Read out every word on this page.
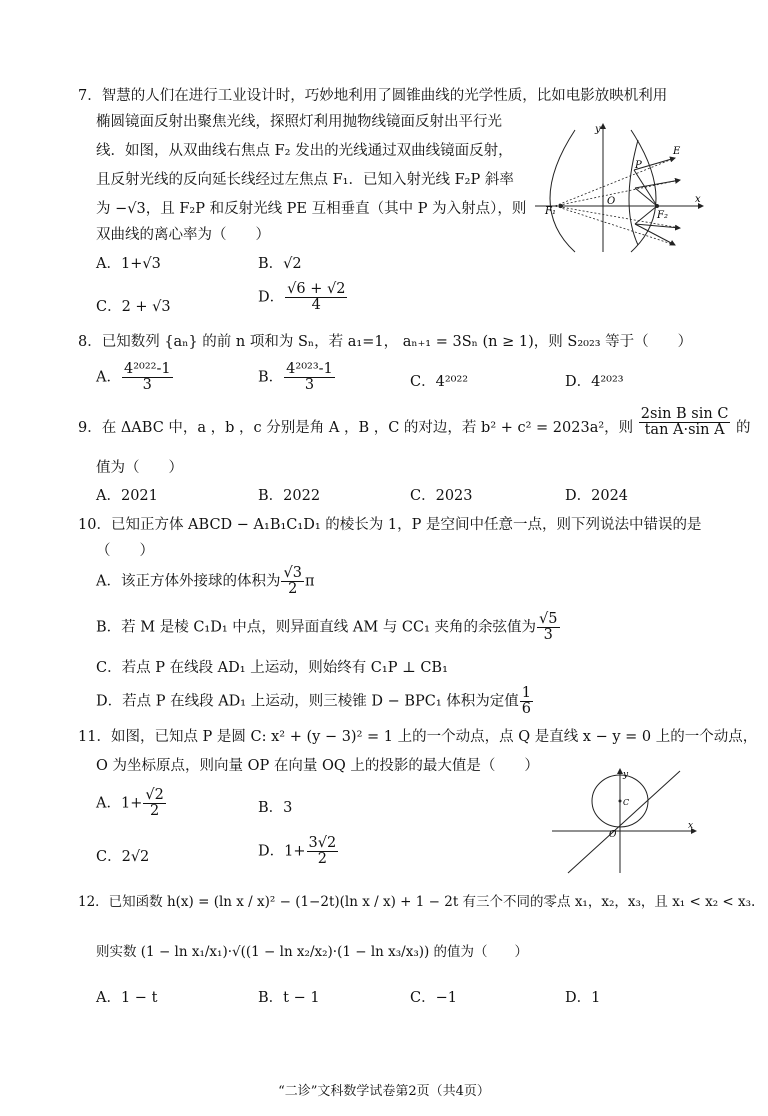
7．智慧的人们在进行工业设计时，巧妙地利用了圆锥曲线的光学性质，比如电影放映机利用
椭圆镜面反射出聚焦光线，探照灯利用抛物线镜面反射出平行光
线．如图，从双曲线右焦点 F₂ 发出的光线通过双曲线镜面反射，
且反射光线的反向延长线经过左焦点 F₁．已知入射光线 F₂P 斜率
为 −√3，且 F₂P 和反射光线 PE 互相垂直（其中 P 为入射点），则
双曲线的离心率为（　　）
A．1+√3	B．√2
C．2 + √3
D． $\frac{√6 + √2}{4}$
y
x
O
P
E
F₁	F₂
8．已知数列 {aₙ} 的前 n 项和为 Sₙ，若 a₁=1， aₙ₊₁ = 3Sₙ (n ≥ 1)，则 S₂₀₂₃ 等于（　　）
A． $\frac{\text{4²⁰²²-1}}{3}$	B． $\frac{\text{4²⁰²³-1}}{3}$	C．4²⁰²²	D．4²⁰²³
9．在 ΔABC 中，a ，b ，c 分别是角 A ，B ，C 的对边，若 b² + c² = 2023a²，则 $\frac{\text{2sin B sin C}}{\text{tan A·sin A}}$ 的
值为（　　）
A．2021	B．2022	C．2023	D．2024
10．已知正方体 ABCD − A₁B₁C₁D₁ 的棱长为 1，P 是空间中任意一点，则下列说法中错误的是
（　　）
A．该正方体外接球的体积为 $\frac{√3}{2}$ π
B．若 M 是棱 C₁D₁ 中点，则异面直线 AM 与 CC₁ 夹角的余弦值为 $\frac{√5}{3}$
C．若点 P 在线段 AD₁ 上运动，则始终有 C₁P ⊥ CB₁
D．若点 P 在线段 AD₁ 上运动，则三棱锥 D − BPC₁ 体积为定值 $\frac{1}{6}$
11．如图，已知点 P 是圆 C: x² + (y − 3)² = 1 上的一个动点，点 Q 是直线 x − y = 0 上的一个动点，
O 为坐标原点，则向量 OP 在向量 OQ 上的投影的最大值是（　　）
A．$1+ \frac{√2}{2}$	B．3
C．2√2	D．$1+ \frac{3√2}{2}$
y
x
O
C
12．已知函数 h(x) = (ln x / x)² − (1−2t)(ln x / x) + 1 − 2t 有三个不同的零点 x₁，x₂，x₃，且 x₁ < x₂ < x₃.
则实数 (1 − ln x₁/x₁)·√((1 − ln x₂/x₂)·(1 − ln x₃/x₃)) 的值为（　　）
A．1 − t	B．t − 1	C．−1	D．1
“二诊”文科数学试卷第2页（共4页）
